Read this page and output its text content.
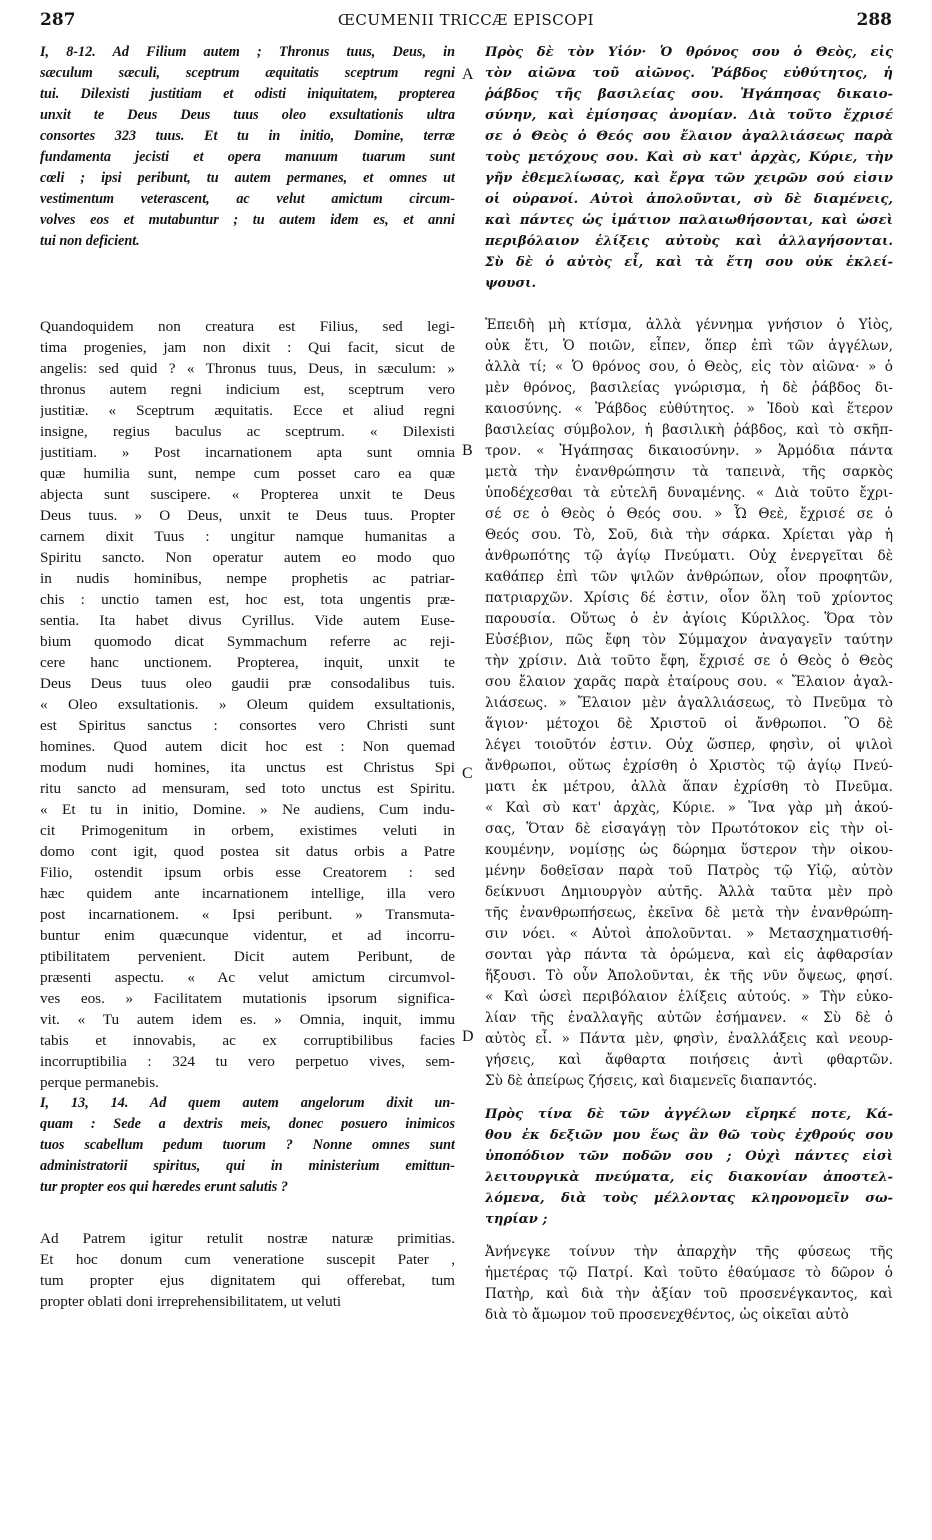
287	ŒCUMENII TRICCÆ EPISCOPI	288
A
B
C
D
I, 8-12. Ad Filium autem ; Thronus tuus, Deus, in
sæculum sæculi, sceptrum æquitatis sceptrum regni
tui. Dilexisti justitiam et odisti iniquitatem, propterea
unxit te Deus Deus tuus oleo exsultationis ultra
consortes 323 tuus. Et tu in initio, Domine, terræ
fundamenta jecisti et opera manuum tuarum sunt
cœli ; ipsi peribunt, tu autem permanes, et omnes ut
vestimentum veterascent, ac velut amictum circum-
volves eos et mutabuntur ; tu autem idem es, et anni
tui non deficient.
Quandoquidem non creatura est Filius, sed legi-
tima progenies, jam non dixit : Qui facit, sicut de
angelis: sed quid ? « Thronus tuus, Deus, in sæculum: »
thronus autem regni indicium est, sceptrum vero
justitiæ. « Sceptrum æquitatis. Ecce et aliud regni
insigne, regius baculus ac sceptrum. « Dilexisti
justitiam. » Post incarnationem apta sunt omnia
quæ humilia sunt, nempe cum posset caro ea quæ
abjecta sunt suscipere. « Propterea unxit te Deus
Deus tuus. » O Deus, unxit te Deus tuus. Propter
carnem dixit Tuus : ungitur namque humanitas a
Spiritu sancto. Non operatur autem eo modo quo
in nudis hominibus, nempe prophetis ac patriar-
chis : unctio tamen est, hoc est, tota ungentis præ-
sentia. Ita habet divus Cyrillus. Vide autem Euse-
bium quomodo dicat Symmachum referre ac reji-
cere hanc unctionem. Propterea, inquit, unxit te
Deus Deus tuus oleo gaudii præ consodalibus tuis.
« Oleo exsultationis. » Oleum quidem exsultationis,
est Spiritus sanctus : consortes vero Christi sunt
homines. Quod autem dicit hoc est : Non quemad
modum nudi homines, ita unctus est Christus Spi
ritu sancto ad mensuram, sed toto unctus est Spiritu.
« Et tu in initio, Domine. » Ne audiens, Cum indu-
cit Primogenitum in orbem, existimes veluti in
domo cont igit, quod postea sit datus orbis a Patre
Filio, ostendit ipsum orbis esse Creatorem : sed
hæc quidem ante incarnationem intellige, illa vero
post incarnationem. « Ipsi peribunt. » Transmuta-
buntur enim quæcunque videntur, et ad incorru-
ptibilitatem pervenient. Dicit autem Peribunt, de
præsenti aspectu. « Ac velut amictum circumvol-
ves eos. » Facilitatem mutationis ipsorum significa-
vit. « Tu autem idem es. » Omnia, inquit, immu
tabis et innovabis, ac ex corruptibilibus facies
incorruptibilia : 324 tu vero perpetuo vives, sem-
perque permanebis.
I, 13, 14. Ad quem autem angelorum dixit un-
quam : Sede a dextris meis, donec posuero inimicos
tuos scabellum pedum tuorum ? Nonne omnes sunt
administratorii spiritus, qui in ministerium emittun-
tur propter eos qui hæredes erunt salutis ?
Ad Patrem igitur retulit nostræ naturæ primitias.
Et hoc donum cum veneratione suscepit Pater ,
tum propter ejus dignitatem qui offerebat, tum
propter oblati doni irreprehensibilitatem, ut veluti
Πρὸς δὲ τὸν Υἱόν· Ὁ θρόνος σου ὁ Θεὸς, εἰς
τὸν αἰῶνα τοῦ αἰῶνος. Ῥάβδος εὐθύτητος, ἡ
ῥάβδος τῆς βασιλείας σου. Ἠγάπησας δικαιο-
σύνην, καὶ ἐμίσησας ἀνομίαν. Διὰ τοῦτο ἔχρισέ
σε ὁ Θεὸς ὁ Θεός σου ἔλαιον ἀγαλλιάσεως παρὰ
τοὺς μετόχους σου. Καὶ σὺ κατ' ἀρχὰς, Κύριε, τὴν
γῆν ἐθεμελίωσας, καὶ ἔργα τῶν χειρῶν σού εἰσιν
οἱ οὐρανοί. Αὐτοὶ ἀπολοῦνται, σὺ δὲ διαμένεις,
καὶ πάντες ὡς ἱμάτιον παλαιωθήσονται, καὶ ὡσεὶ
περιβόλαιον ἑλίξεις αὐτοὺς καὶ ἀλλαγήσονται.
Σὺ δὲ ὁ αὐτὸς εἶ, καὶ τὰ ἔτη σου οὐκ ἐκλεί-
ψουσι.
Ἐπειδὴ μὴ κτίσμα, ἀλλὰ γέννημα γνήσιον ὁ Υἱὸς,
οὐκ ἔτι, Ὁ ποιῶν, εἶπεν, ὅπερ ἐπὶ τῶν ἀγγέλων,
ἀλλὰ τί; « Ὁ θρόνος σου, ὁ Θεὸς, εἰς τὸν αἰῶνα· » ὁ
μὲν θρόνος, βασιλείας γνώρισμα, ἡ δὲ ῥάβδος δι-
καιοσύνης. « Ῥάβδος εὐθύτητος. » Ἰδοὺ καὶ ἕτερον
βασιλείας σύμβολον, ἡ βασιλικὴ ῥάβδος, καὶ τὸ σκῆπ-
τρον. « Ἠγάπησας δικαιοσύνην. » Ἁρμόδια πάντα
μετὰ τὴν ἐνανθρώπησιν τὰ ταπεινὰ, τῆς σαρκὸς
ὑποδέχεσθαι τὰ εὐτελῆ δυναμένης. « Διὰ τοῦτο ἔχρι-
σέ σε ὁ Θεὸς ὁ Θεός σου. » Ὦ Θεὲ, ἔχρισέ σε ὁ
Θεός σου. Τὸ, Σοῦ, διὰ τὴν σάρκα. Χρίεται γὰρ ἡ
ἀνθρωπότης τῷ ἁγίῳ Πνεύματι. Οὐχ ἐνεργεῖται δὲ
καθάπερ ἐπὶ τῶν ψιλῶν ἀνθρώπων, οἷον προφητῶν,
πατριαρχῶν. Χρίσις δέ ἐστιν, οἷον ὅλη τοῦ χρίοντος
παρουσία. Οὕτως ὁ ἐν ἁγίοις Κύριλλος. Ὅρα τὸν
Εὐσέβιον, πῶς ἔφη τὸν Σύμμαχον ἀναγαγεῖν ταύτην
τὴν χρίσιν. Διὰ τοῦτο ἔφη, ἔχρισέ σε ὁ Θεὸς ὁ Θεὸς
σου ἔλαιον χαρᾶς παρὰ ἑταίρους σου. « Ἔλαιον ἀγαλ-
λιάσεως. » Ἔλαιον μὲν ἀγαλλιάσεως, τὸ Πνεῦμα τὸ
ἅγιον· μέτοχοι δὲ Χριστοῦ οἱ ἄνθρωποι. Ὃ δὲ
λέγει τοιοῦτόν ἐστιν. Οὐχ ὥσπερ, φησὶν, οἱ ψιλοὶ
ἄνθρωποι, οὕτως ἐχρίσθη ὁ Χριστὸς τῷ ἁγίῳ Πνεύ-
ματι ἐκ μέτρου, ἀλλὰ ἅπαν ἐχρίσθη τὸ Πνεῦμα.
« Καὶ σὺ κατ' ἀρχὰς, Κύριε. » Ἵνα γὰρ μὴ ἀκού-
σας, Ὅταν δὲ εἰσαγάγῃ τὸν Πρωτότοκον εἰς τὴν οἰ-
κουμένην, νομίσῃς ὡς δώρημα ὕστερον τὴν οἰκου-
μένην δοθεῖσαν παρὰ τοῦ Πατρὸς τῷ Υἱῷ, αὐτὸν
δείκνυσι Δημιουργὸν αὐτῆς. Ἀλλὰ ταῦτα μὲν πρὸ
τῆς ἐνανθρωπήσεως, ἐκεῖνα δὲ μετὰ τὴν ἐνανθρώπη-
σιν νόει. « Αὐτοὶ ἀπολοῦνται. » Μετασχηματισθή-
σονται γὰρ πάντα τὰ ὁρώμενα, καὶ εἰς ἀφθαρσίαν
ἥξουσι. Τὸ οὖν Ἀπολοῦνται, ἐκ τῆς νῦν ὄψεως, φησί.
« Καὶ ὡσεὶ περιβόλαιον ἑλίξεις αὐτούς. » Τὴν εὐκο-
λίαν τῆς ἐναλλαγῆς αὐτῶν ἐσήμανεν. « Σὺ δὲ ὁ
αὐτὸς εἶ. » Πάντα μὲν, φησὶν, ἐναλλάξεις καὶ νεουρ-
γήσεις, καὶ ἄφθαρτα ποιήσεις ἀντὶ φθαρτῶν.
Σὺ δὲ ἀπείρως ζήσεις, καὶ διαμενεῖς διαπαντός.
Πρὸς τίνα δὲ τῶν ἀγγέλων εἴρηκέ ποτε, Κά-
θου ἐκ δεξιῶν μου ἕως ἂν θῶ τοὺς ἐχθρούς σου
ὑποπόδιον τῶν ποδῶν σου ; Οὐχὶ πάντες εἰσὶ
λειτουργικὰ πνεύματα, εἰς διακονίαν ἀποστελ-
λόμενα, διὰ τοὺς μέλλοντας κληρονομεῖν σω-
τηρίαν ;
Ἀνήνεγκε τοίνυν τὴν ἀπαρχὴν τῆς φύσεως τῆς
ἡμετέρας τῷ Πατρί. Καὶ τοῦτο ἐθαύμασε τὸ δῶρον ὁ
Πατὴρ, καὶ διὰ τὴν ἀξίαν τοῦ προσενέγκαντος, καὶ
διὰ τὸ ἄμωμον τοῦ προσενεχθέντος, ὡς οἰκεῖαι αὐτὸ
